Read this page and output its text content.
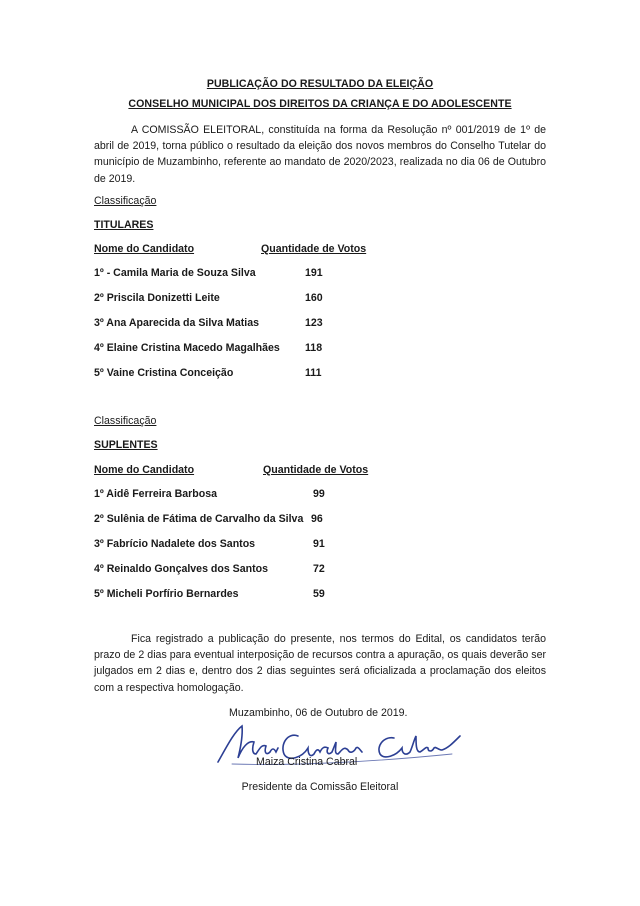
PUBLICAÇÃO DO RESULTADO DA ELEIÇÃO
CONSELHO MUNICIPAL DOS DIREITOS DA CRIANÇA E DO ADOLESCENTE
A COMISSÃO ELEITORAL, constituída na forma da Resolução nº 001/2019 de 1º de abril de 2019, torna público o resultado da eleição dos novos membros do Conselho Tutelar do município de Muzambinho, referente ao mandato de 2020/2023, realizada no dia 06 de Outubro de 2019.
Classificação
TITULARES
Nome do Candidato	Quantidade de Votos
1º - Camila Maria de Souza Silva	191
2º Priscila Donizetti Leite	160
3º Ana Aparecida da Silva Matias	123
4º Elaine Cristina Macedo Magalhães 118
5º Vaine Cristina Conceição	111
Classificação
SUPLENTES
Nome do Candidato	Quantidade de Votos
1º Aidê Ferreira Barbosa	99
2º Sulênia de Fátima de Carvalho da Silva 96
3º Fabrício Nadalete dos Santos	91
4º Reinaldo Gonçalves dos Santos	72
5º Micheli Porfírio Bernardes	59
Fica registrado a publicação do presente, nos termos do Edital, os candidatos terão prazo de 2 dias para eventual interposição de recursos contra a apuração, os quais deverão ser julgados em 2 dias e, dentro dos 2 dias seguintes será oficializada a proclamação dos eleitos com a respectiva homologação.
Muzambinho, 06 de Outubro de 2019.
Maiza Cristina Cabral
Presidente da Comissão Eleitoral
